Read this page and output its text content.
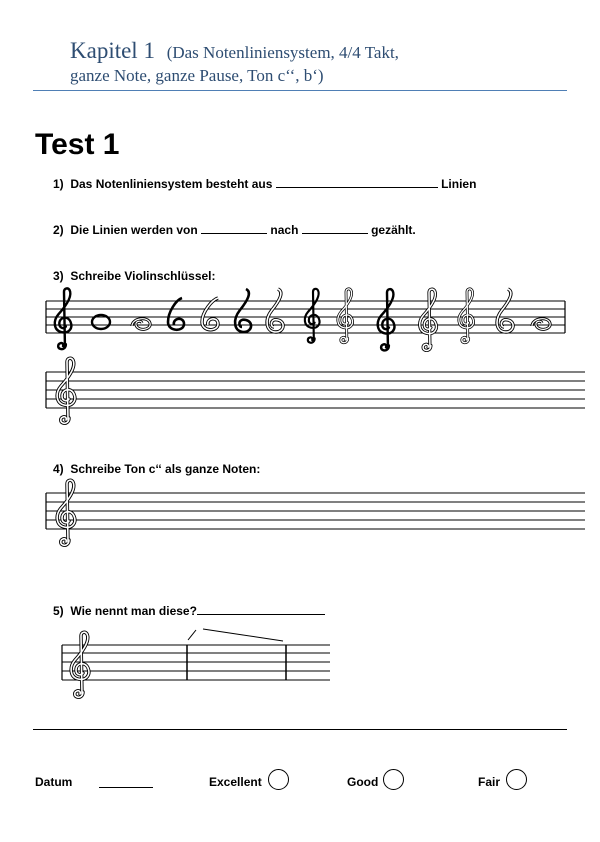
Kapitel 1 (Das Notenliniensystem, 4/4 Takt,
ganze Note, ganze Pause, Ton c‘‘, b‘)
Test 1
1) Das Notenliniensystem besteht aus	Linien
2) Die Linien werden von	nach	gezählt.
3) Schreibe Violinschlüssel:
4) Schreibe Ton c‘‘ als ganze Noten:
5) Wie nennt man diese?
Datum	Excellent	Good	Fair
